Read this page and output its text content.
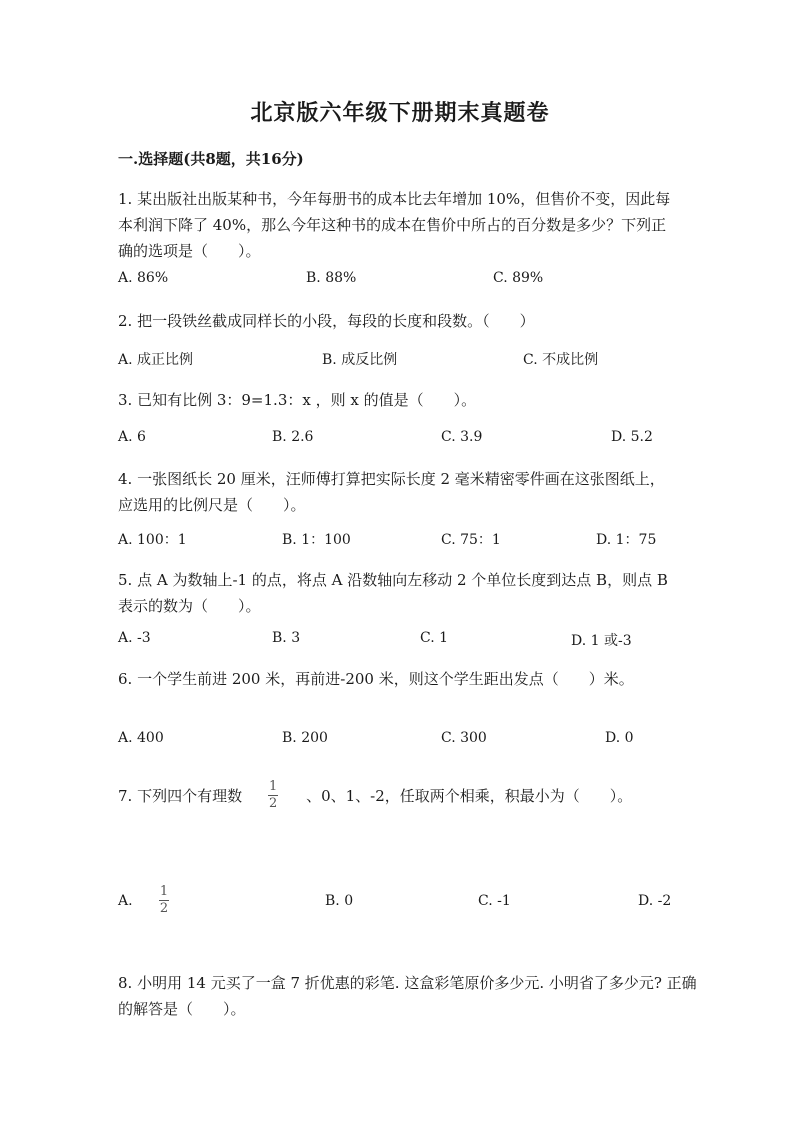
北京版六年级下册期末真题卷
一.选择题(共8题，共16分)
1. 某出版社出版某种书，今年每册书的成本比去年增加 10%，但售价不变，因此每本利润下降了 40%，那么今年这种书的成本在售价中所占的百分数是多少？下列正确的选项是（　　）。
A. 86%	B. 88%	C. 89%
2. 把一段铁丝截成同样长的小段，每段的长度和段数。（　　）
A. 成正比例	B. 成反比例	C. 不成比例
3. 已知有比例 3：9=1.3：x ，则 x 的值是（　　）。
A. 6	B. 2.6	C. 3.9	D. 5.2
4. 一张图纸长 20 厘米，汪师傅打算把实际长度 2 毫米精密零件画在这张图纸上，应选用的比例尺是（　　）。
A. 100：1	B. 1：100	C. 75：1	D. 1：75
5. 点 A 为数轴上-1 的点，将点 A 沿数轴向左移动 2 个单位长度到达点 B，则点 B 表示的数为（　　）。
A. -3	B. 3	C. 1	D. 1 或-3
6. 一个学生前进 200 米，再前进-200 米，则这个学生距出发点（　　）米。
A. 400	B. 200	C. 300	D. 0
7. 下列四个有理数 $\frac{1}{2}$ 、0、1、-2，任取两个相乘，积最小为（　　）。
A.
1
2	B. 0	C. -1	D. -2
8. 小明用 14 元买了一盒 7 折优惠的彩笔. 这盒彩笔原价多少元. 小明省了多少元? 正确的解答是（　　）。
